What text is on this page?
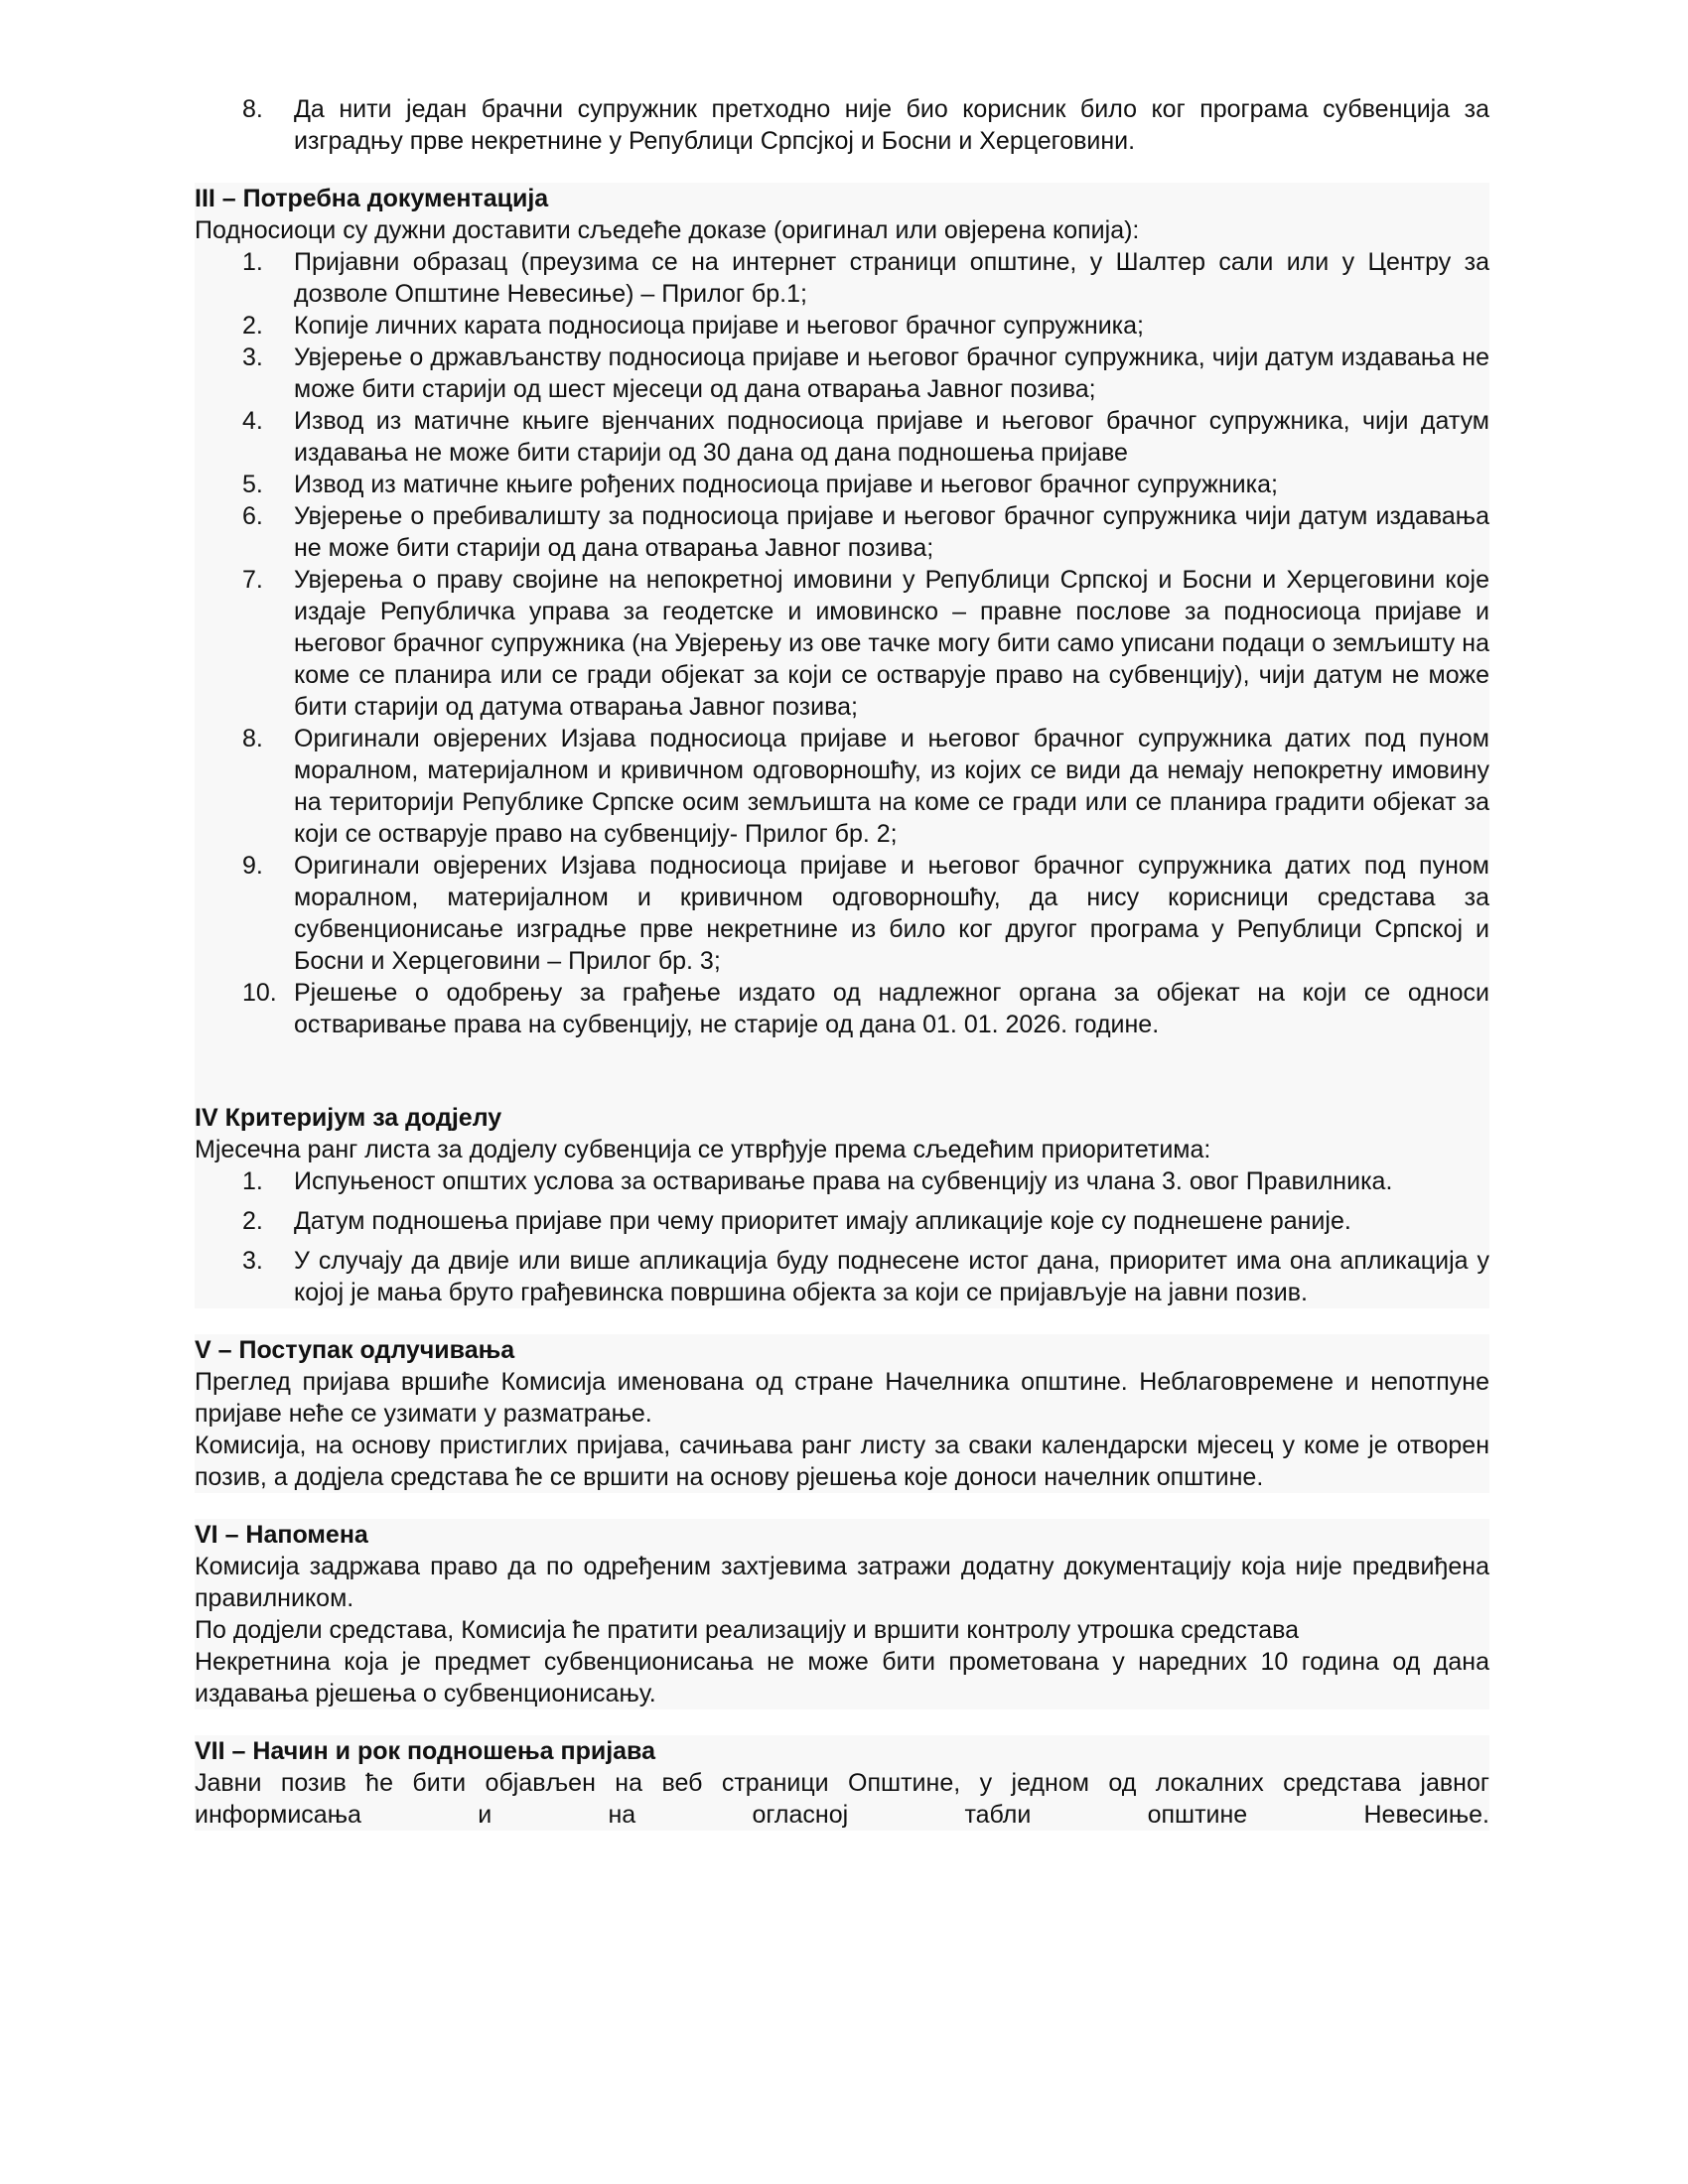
8.	Да нити један брачни супружник претходно није био корисник било ког програма субвенција за изградњу прве некретнине у Републици Српсјкој и Босни и Херцеговини.

III – Потребна документација

Подносиоци су дужни доставити сљедеће доказе (оригинал или овјерена копија):

1.	Пријавни образац (преузима се на интернет страници општине, у Шалтер сали или у Центру за дозволе Општине Невесиње) – Прилог бр.1;
2.	Копије личних карата подносиоца пријаве и његовог брачног супружника;
3.	Увјерење о држављанству подносиоца пријаве и његовог брачног супружника, чији датум издавања не може бити старији од шест мјесеци од дана отварања Јавног позива;
4.	Извод из матичне књиге вјенчаних подносиоца пријаве и његовог брачног супружника, чији датум издавања не може бити старији од 30 дана од дана подношења пријаве
5.	Извод из матичне књиге рођених подносиоца пријаве и његовог брачног супружника;
6.	Увјерење о пребивалишту за подносиоца пријаве и његовог брачног супружника чији датум издавања не може бити старији од дана отварања Јавног позива;
7.	Увјерења о праву својине на непокретној имовини у Републици Српској и Босни и Херцеговини које издаје Републичка управа за геодетске и имовинско – правне послове за подносиоца пријаве и његовог брачног супружника (на Увјерењу из ове тачке могу бити само уписани подаци о земљишту на коме се планира или се гради објекат за који се остварује право на субвенцију), чији датум не може бити старији од датума отварања Јавног позива;
8.	Оригинали овјерених Изјава подносиоца пријаве и његовог брачног супружника датих под пуном моралном, материјалном и кривичном одговорношћу, из којих се види да немају непокретну имовину на територији Републике Српске осим земљишта на коме се гради или се планира градити објекат за који се остварује право на субвенцију- Прилог бр. 2;
9.	Оригинали овјерених Изјава подносиоца пријаве и његовог брачног супружника датих под пуном моралном, материјалном и кривичном одговорношћу, да нису корисници средстава за субвенционисање изградње прве некретнине из било ког другог програма у Републици Српској и Босни и Херцеговини – Прилог бр. 3;
10. Рјешење о одобрењу за грађење издато од надлежног органа за објекат на који се односи остваривање права на субвенцију, не старије од дана 01. 01. 2026. године.

IV Критеријум за додјелу

Мјесечна ранг листа за додјелу субвенција се утврђује према сљедећим приоритетима:

1.	Испуњеност општих услова за остваривање права на субвенцију из члана 3. овог Правилника.
2.	Датум подношења пријаве при чему приоритет имају апликације које су поднешене раније.
3.	У случају да двије или више апликација буду поднесене истог дана, приоритет има она апликација у којој је мања бруто грађевинска површина објекта за који се пријављује на јавни позив.

V – Поступак одлучивања

Преглед пријава врши​ће Комисија именована од стране Начелника општине. Неблаговремене и непотпуне пријаве неће се узимати у разматрање.

Комисија, на основу пристиглих пријава, сачињава ранг листу за сваки календарски мјесец у коме је отворен позив, а додјела средстава ће се вршити на основу рјешења које доноси начелник општине.

VI – Напомена

Комисија задржава право да по одређеним захтјевима затражи додатну документацију која није предвиђена правилником.

По додјели средстава, Комисија ће пратити реализацију и вршити контролу утрошка средстава

Некретнина која је предмет субвенционисања не може бити прометована у наредних 10 година од дана издавања рјешења о субвенционисању.

VII – Начин и рок подношења пријава

Јавни позив ће бити објављен на веб страници Општине, у једном од локалних средстава јавног информисања и на огласној табли општине Невесиње.
